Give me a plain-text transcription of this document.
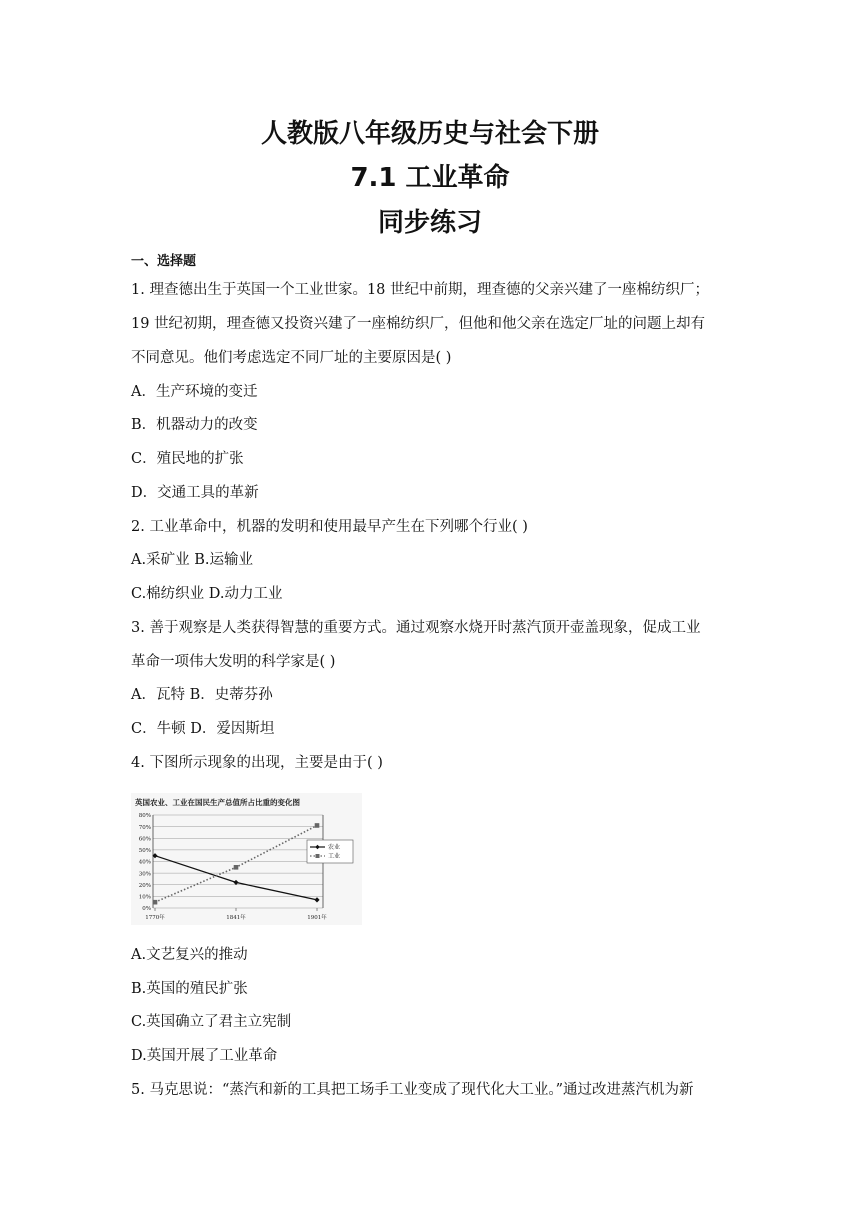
人教版八年级历史与社会下册
7.1 工业革命
同步练习
一、选择题
1. 理查德出生于英国一个工业世家。18 世纪中前期，理查德的父亲兴建了一座棉纺织厂；
19 世纪初期，理查德又投资兴建了一座棉纺织厂，但他和他父亲在选定厂址的问题上却有
不同意见。他们考虑选定不同厂址的主要原因是( )
A．生产环境的变迁
B．机器动力的改变
C．殖民地的扩张
D．交通工具的革新
2. 工业革命中，机器的发明和使用最早产生在下列哪个行业( )
A.采矿业 B.运输业
C.棉纺织业 D.动力工业
3. 善于观察是人类获得智慧的重要方式。通过观察水烧开时蒸汽顶开壶盖现象，促成工业
革命一项伟大发明的科学家是( )
A．瓦特 B．史蒂芬孙
C．牛顿 D．爱因斯坦
4. 下图所示现象的出现，主要是由于( )
英国农业、工业在国民生产总值所占比重的变化图
80%
70%
60%
50%
40%
30%
20%
10%
0%
1770年	1841年	1901年
农业
工业
A.文艺复兴的推动
B.英国的殖民扩张
C.英国确立了君主立宪制
D.英国开展了工业革命
5. 马克思说：“蒸汽和新的工具把工场手工业变成了现代化大工业。”通过改进蒸汽机为新
